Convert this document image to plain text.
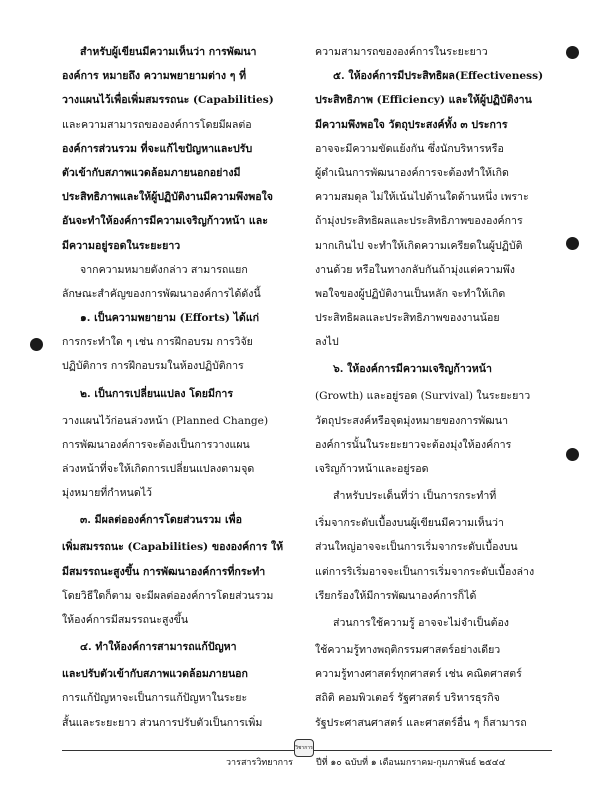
สำหรับผู้เขียนมีความเห็นว่า การพัฒนา
องค์การ หมายถึง ความพยายามต่าง ๆ ที่
วางแผนไว้เพื่อเพิ่มสมรรถนะ (Capabilities)
และความสามารถขององค์การโดยมีผลต่อ
องค์การส่วนรวม ที่จะแก้ไขปัญหาและปรับ
ตัวเข้ากับสภาพแวดล้อมภายนอกอย่างมี
ประสิทธิภาพและให้ผู้ปฏิบัติงานมีความพึงพอใจ
อันจะทำให้องค์การมีความเจริญก้าวหน้า และ
มีความอยู่รอดในระยะยาว
จากความหมายดังกล่าว สามารถแยก
ลักษณะสำคัญของการพัฒนาองค์การได้ดังนี้
๑. เป็นความพยายาม (Efforts) ได้แก่
การกระทำใด ๆ เช่น การฝึกอบรม การวิจัย
ปฏิบัติการ การฝึกอบรมในห้องปฏิบัติการ
๒. เป็นการเปลี่ยนแปลง โดยมีการ
วางแผนไว้ก่อนล่วงหน้า (Planned Change)
การพัฒนาองค์การจะต้องเป็นการวางแผน
ล่วงหน้าที่จะให้เกิดการเปลี่ยนแปลงตามจุด
มุ่งหมายที่กำหนดไว้
๓. มีผลต่อองค์การโดยส่วนรวม เพื่อ
เพิ่มสมรรถนะ (Capabilities) ขององค์การ ให้
มีสมรรถนะสูงขึ้น การพัฒนาองค์การที่กระทำ
โดยวิธีใดก็ตาม จะมีผลต่อองค์การโดยส่วนรวม
ให้องค์การมีสมรรถนะสูงขึ้น
๔. ทำให้องค์การสามารถแก้ปัญหา
และปรับตัวเข้ากับสภาพแวดล้อมภายนอก
การแก้ปัญหาจะเป็นการแก้ปัญหาในระยะ
สั้นและระยะยาว ส่วนการปรับตัวเป็นการเพิ่ม
ความสามารถขององค์การในระยะยาว
๕. ให้องค์การมีประสิทธิผล(Effectiveness)
ประสิทธิภาพ (Efficiency) และให้ผู้ปฏิบัติงาน
มีความพึงพอใจ วัตถุประสงค์ทั้ง ๓ ประการ
อาจจะมีความขัดแย้งกัน ซึ่งนักบริหารหรือ
ผู้ดำเนินการพัฒนาองค์การจะต้องทำให้เกิด
ความสมดุล ไม่ให้เน้นไปด้านใดด้านหนึ่ง เพราะ
ถ้ามุ่งประสิทธิผลและประสิทธิภาพขององค์การ
มากเกินไป จะทำให้เกิดความเครียดในผู้ปฏิบัติ
งานด้วย หรือในทางกลับกันถ้ามุ่งแต่ความพึง
พอใจของผู้ปฏิบัติงานเป็นหลัก จะทำให้เกิด
ประสิทธิผลและประสิทธิภาพของงานน้อย
ลงไป
๖. ให้องค์การมีความเจริญก้าวหน้า
(Growth) และอยู่รอด (Survival) ในระยะยาว
วัตถุประสงค์หรือจุดมุ่งหมายของการพัฒนา
องค์การนั้นในระยะยาวจะต้องมุ่งให้องค์การ
เจริญก้าวหน้าและอยู่รอด
สำหรับประเด็นที่ว่า เป็นการกระทำที่
เริ่มจากระดับเบื้องบนผู้เขียนมีความเห็นว่า
ส่วนใหญ่อาจจะเป็นการเริ่มจากระดับเบื้องบน
แต่การริเริ่มอาจจะเป็นการเริ่มจากระดับเบื้องล่าง
เรียกร้องให้มีการพัฒนาองค์การก็ได้
ส่วนการใช้ความรู้ อาจจะไม่จำเป็นต้อง
ใช้ความรู้ทางพฤติกรรมศาสตร์อย่างเดียว
ความรู้ทางศาสตร์ทุกศาสตร์ เช่น คณิตศาสตร์
สถิติ คอมพิวเตอร์ รัฐศาสตร์ บริหารธุรกิจ
รัฐประศาสนศาสตร์ และศาสตร์อื่น ๆ ก็สามารถ
วารสารวิทยาการ
วิชาการ
ปีที่ ๑๐ ฉบับที่ ๑ เดือนมกราคม-กุมภาพันธ์ ๒๕๔๔
